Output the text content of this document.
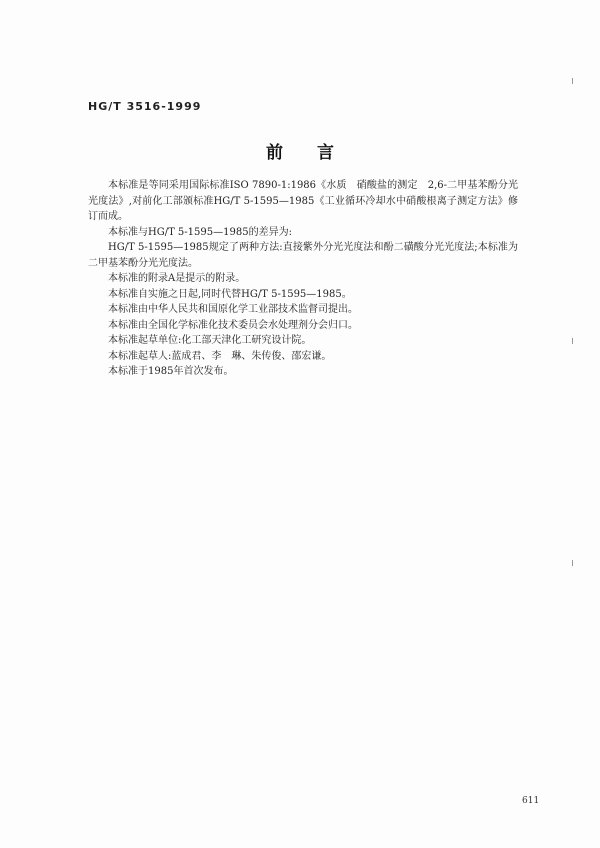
HG/T 3516-1999
前言

本标准是等同采用国际标准ISO 7890-1:1986《水质　硝酸盐的测定　2,6-二甲基苯酚分光光度法》,对前化工部颁标准HG/T 5-1595—1985《工业循环冷却水中硝酸根离子测定方法》修订而成。

本标准与HG/T 5-1595—1985的差异为:

HG/T 5-1595—1985规定了两种方法:直接紫外分光光度法和酚二磺酸分光光度法;本标准为二甲基苯酚分光光度法。

本标准的附录A是提示的附录。

本标准自实施之日起,同时代替HG/T 5-1595—1985。

本标准由中华人民共和国原化学工业部技术监督司提出。

本标准由全国化学标准化技术委员会水处理剂分会归口。

本标准起草单位:化工部天津化工研究设计院。

本标准起草人:蓝成君、李　琳、朱传俊、邵宏谦。

本标准于1985年首次发布。

611
